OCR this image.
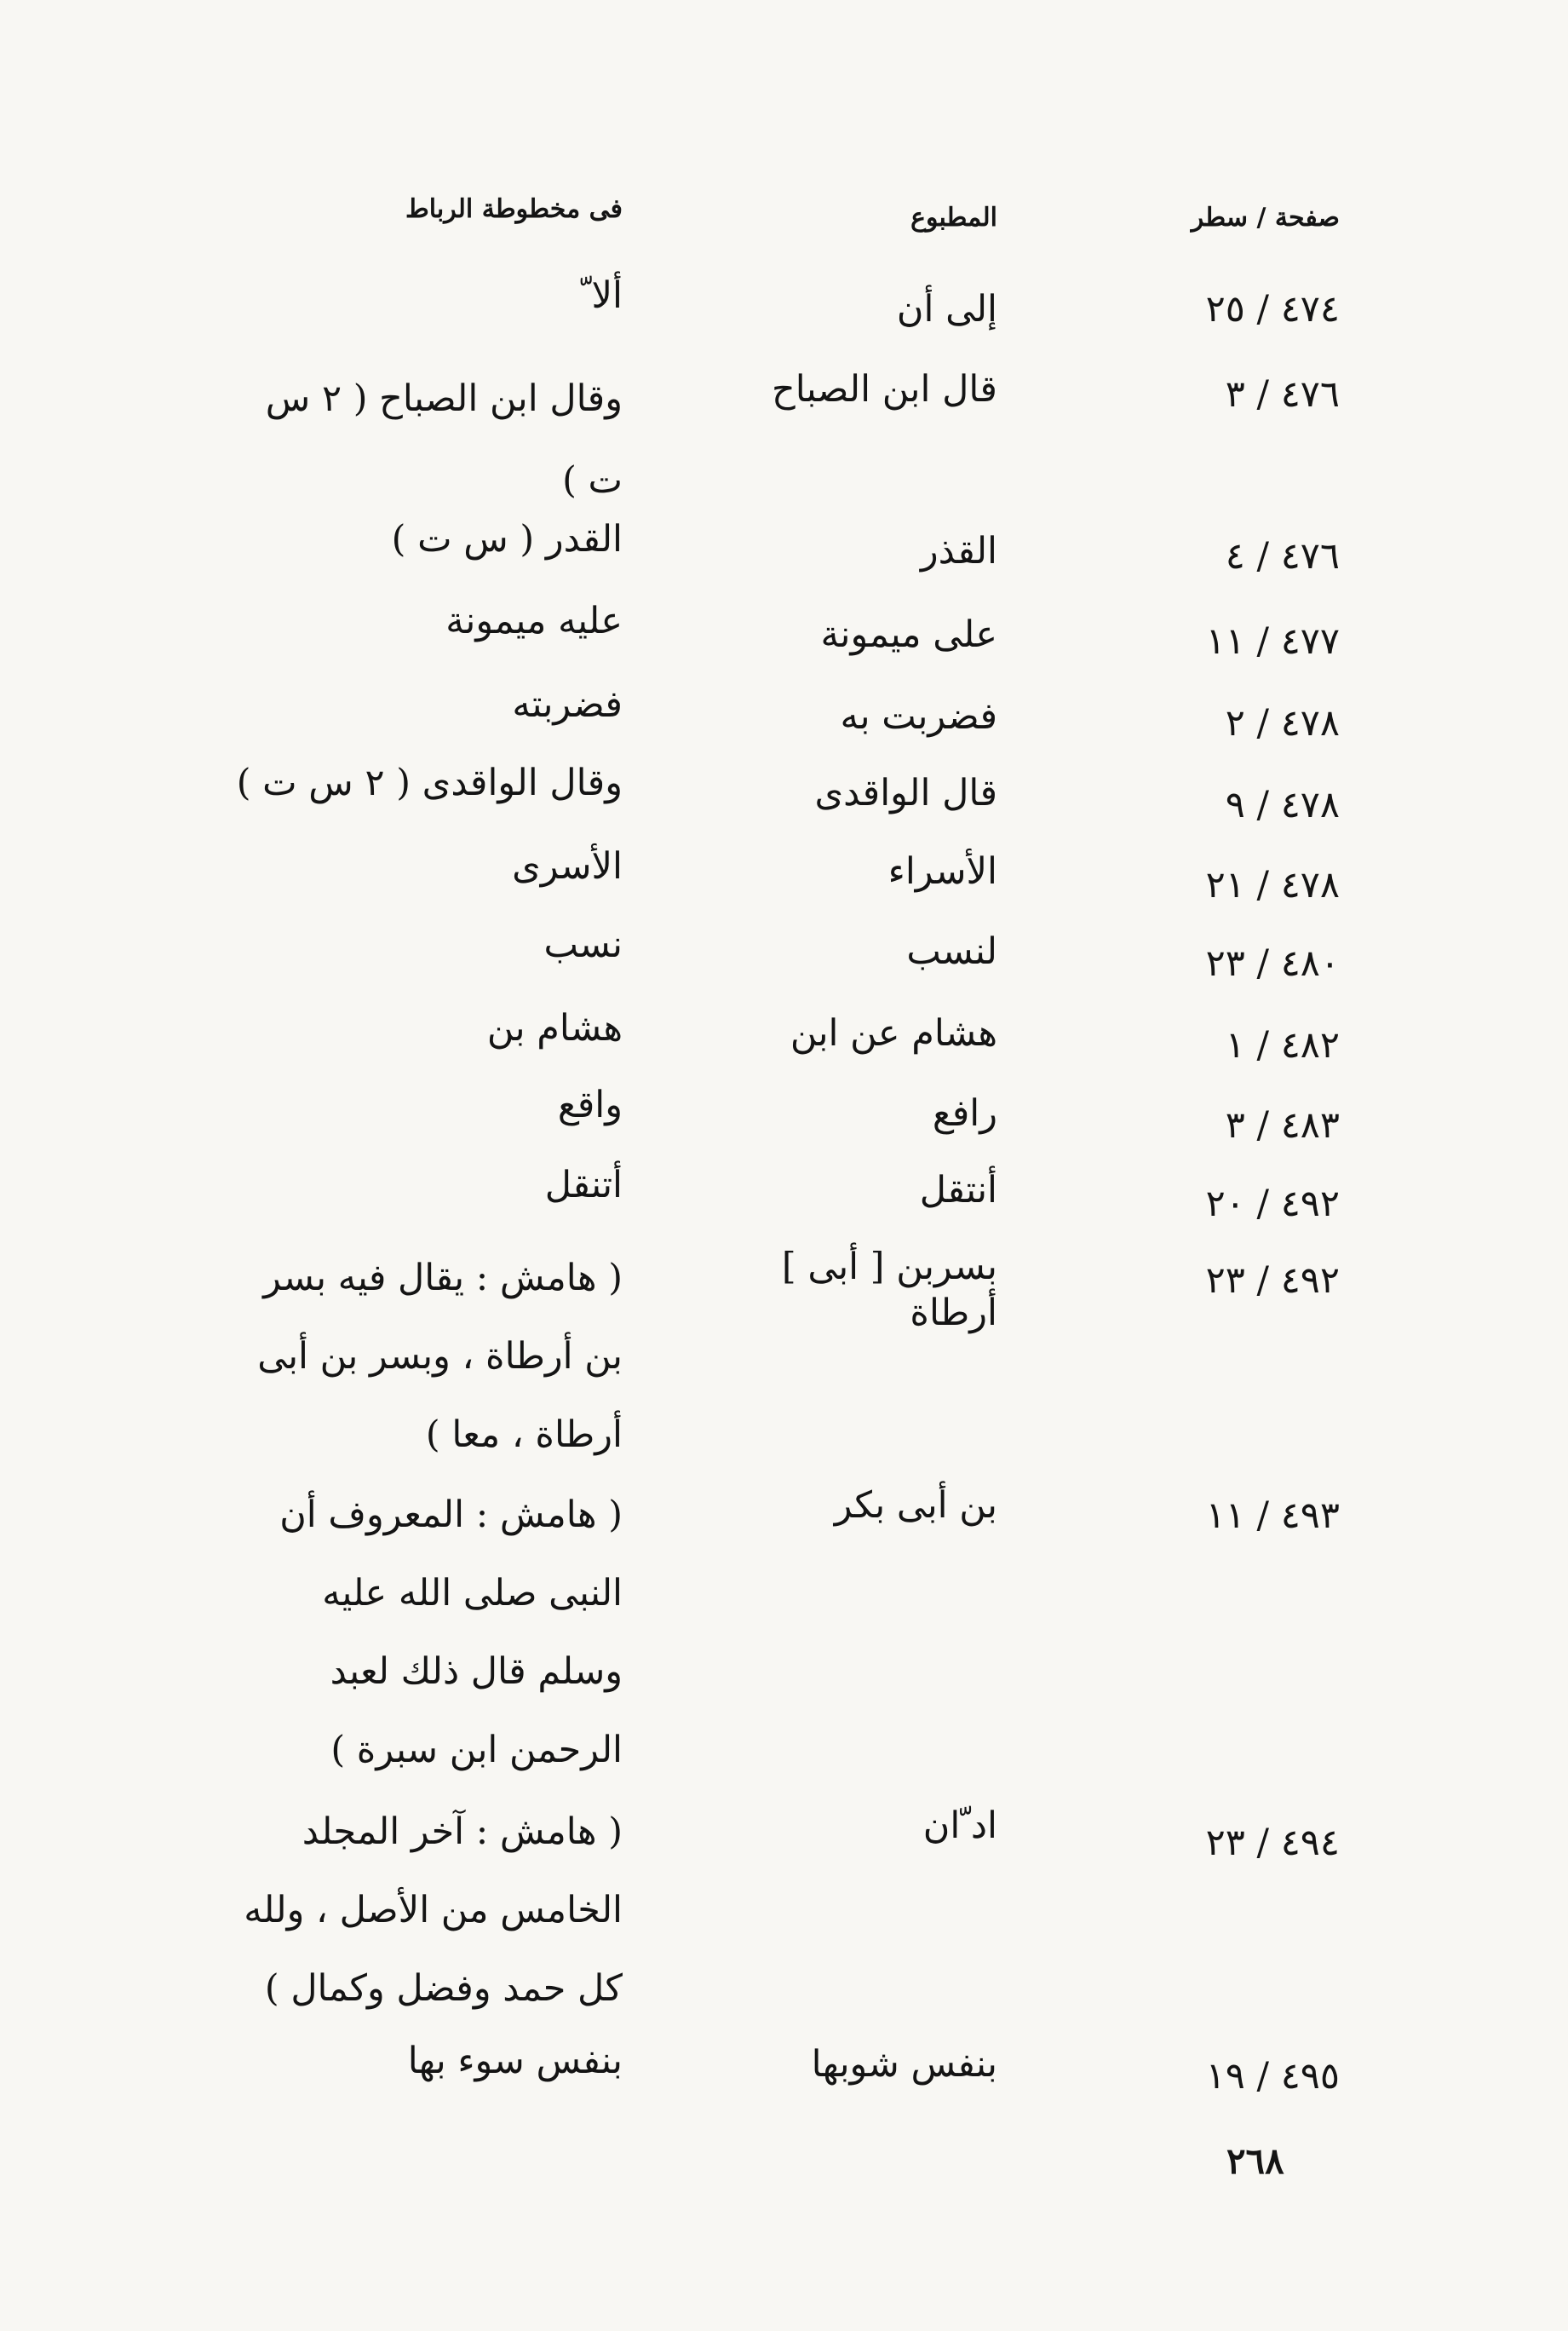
صفحة / سطر
المطبوع
فى مخطوطة الرباط
٤٧٤ / ٢٥
إلى أن
ألا ّ
٤٧٦ / ٣
قال ابن الصباح
وقال ابن الصباح ( ٢ س ت )
٤٧٦ / ٤
القذر
القدر ( س ت )
٤٧٧ / ١١
على ميمونة
عليه ميمونة
٤٧٨ / ٢
فضربت به
فضربته
٤٧٨ / ٩
قال الواقدى
وقال الواقدى ( ٢ س ت )
٤٧٨ / ٢١
الأسراء
الأسرى
٤٨٠ / ٢٣
لنسب
نسب
٤٨٢ / ١
هشام عن ابن
هشام بن
٤٨٣ / ٣
رافع
واقع
٤٩٢ / ٢٠
أنتقل
أتنقل
٤٩٢ / ٢٣
بسربن [ أبى ] أرطاة
( هامش : يقال فيه بسر بن أرطاة ، وبسر بن أبى أرطاة ، معا )
٤٩٣ / ١١
بن أبى بكر
( هامش : المعروف أن النبى صلى الله عليه وسلم قال ذلك لعبد الرحمن ابن سبرة )
٤٩٤ / ٢٣
اد ّان
( هامش : آخر المجلد الخامس من الأصل ، ولله كل حمد وفضل وكمال )
٤٩٥ / ١٩
بنفس شوبها
بنفس سوء بها
٢٦٨
